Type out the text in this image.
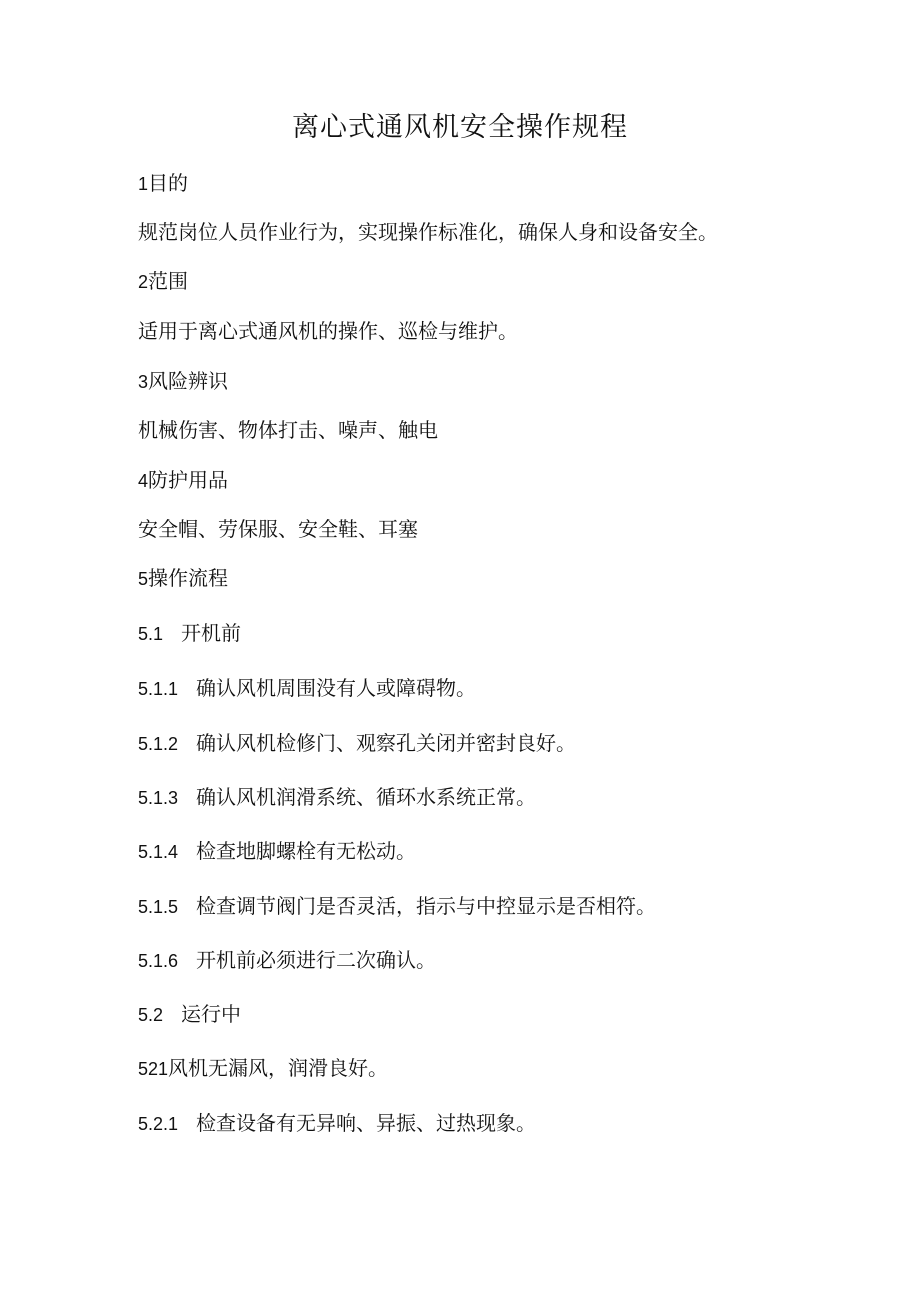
离心式通风机安全操作规程
1目的
规范岗位人员作业行为，实现操作标准化，确保人身和设备安全。
2范围
适用于离心式通风机的操作、巡检与维护。
3风险辨识
机械伤害、物体打击、噪声、触电
4防护用品
安全帽、劳保服、安全鞋、耳塞
5操作流程
5.1 开机前
5.1.1 确认风机周围没有人或障碍物。
5.1.2 确认风机检修门、观察孔关闭并密封良好。
5.1.3 确认风机润滑系统、循环水系统正常。
5.1.4 检查地脚螺栓有无松动。
5.1.5 检查调节阀门是否灵活，指示与中控显示是否相符。
5.1.6 开机前必须进行二次确认。
5.2 运行中
521风机无漏风，润滑良好。
5.2.1 检查设备有无异响、异振、过热现象。
